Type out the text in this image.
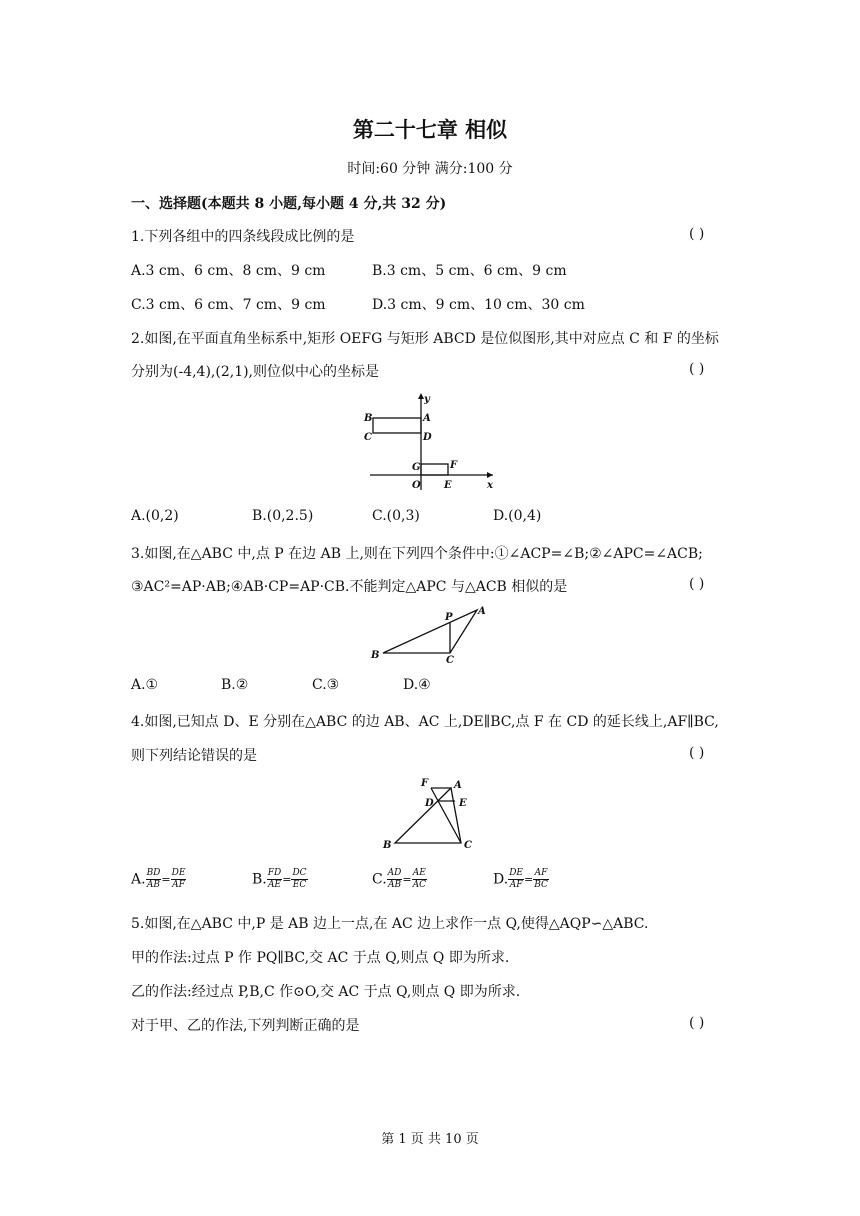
第二十七章 相似
时间:60 分钟 满分:100 分
一、选择题(本题共 8 小题,每小题 4 分,共 32 分)
1.下列各组中的四条线段成比例的是	( )
A.3 cm、6 cm、8 cm、9 cm	B.3 cm、5 cm、6 cm、9 cm
C.3 cm、6 cm、7 cm、9 cm	D.3 cm、9 cm、10 cm、30 cm
2.如图,在平面直角坐标系中,矩形 OEFG 与矩形 ABCD 是位似图形,其中对应点 C 和 F 的坐标
分别为(-4,4),(2,1),则位似中心的坐标是	( )
y
B	A
C	D
G	F
O E	x
A.(0,2)	B.(0,2.5)	C.(0,3)	D.(0,4)
3.如图,在△ABC 中,点 P 在边 AB 上,则在下列四个条件中:①∠ACP=∠B;②∠APC=∠ACB;
③AC²=AP·AB;④AB·CP=AP·CB.不能判定△APC 与△ACB 相似的是	( )
P
A
B	C
A.①	B.②	C.③	D.④
4.如图,已知点 D、E 分别在△ABC 的边 AB、AC 上,DE∥BC,点 F 在 CD 的延长线上,AF∥BC,
则下列结论错误的是	( )
F	A
D	E
B	C
A. $\frac{BD}{AB} = \frac{DE}{AF}$	B. $\frac{FD}{AE} = \frac{DC}{EC}$	C. $\frac{AD}{AB} = \frac{AE}{AC}$	D. $\frac{DE}{AF} = \frac{AF}{BC}$
5.如图,在△ABC 中,P 是 AB 边上一点,在 AC 边上求作一点 Q,使得△AQP∽△ABC.
甲的作法:过点 P 作 PQ∥BC,交 AC 于点 Q,则点 Q 即为所求.
乙的作法:经过点 P,B,C 作⊙O,交 AC 于点 Q,则点 Q 即为所求.
对于甲、乙的作法,下列判断正确的是	( )
第 1 页 共 10 页
